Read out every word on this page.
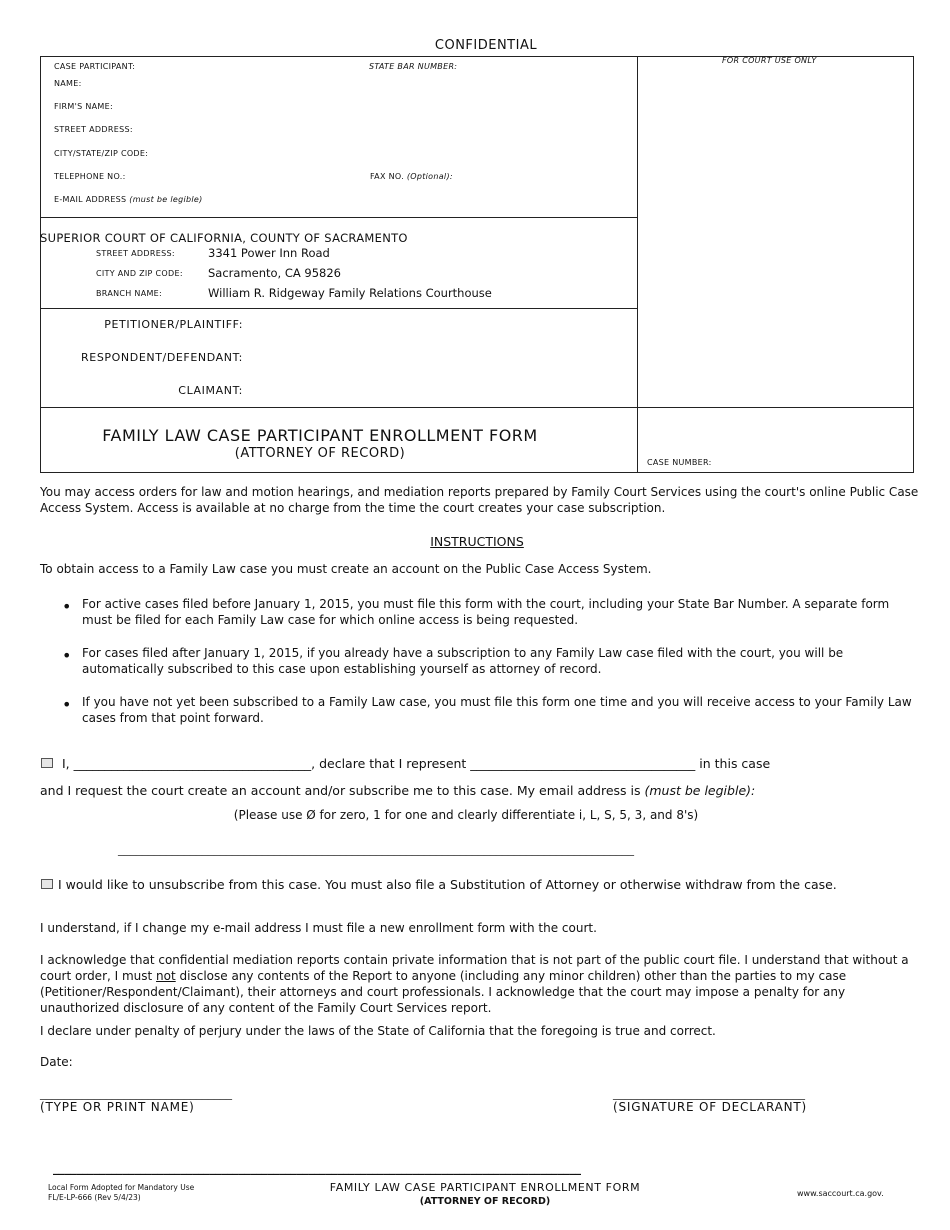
CONFIDENTIAL
FOR COURT USE ONLY
CASE PARTICIPANT:	STATE BAR NUMBER:
NAME:
FIRM'S NAME:
STREET ADDRESS:
CITY/STATE/ZIP CODE:
TELEPHONE NO.:	FAX NO. (Optional):
E-MAIL ADDRESS (must be legible)
SUPERIOR COURT OF CALIFORNIA, COUNTY OF SACRAMENTO
STREET ADDRESS:	3341 Power Inn Road
CITY AND ZIP CODE: Sacramento, CA 95826
BRANCH NAME:	William R. Ridgeway Family Relations Courthouse
PETITIONER/PLAINTIFF:
RESPONDENT/DEFENDANT:
CLAIMANT:
FAMILY LAW CASE PARTICIPANT ENROLLMENT FORM
(ATTORNEY OF RECORD)
CASE NUMBER:
You may access orders for law and motion hearings, and mediation reports prepared by Family Court Services using the court's online Public Case Access System. Access is available at no charge from the time the court creates your case subscription.
INSTRUCTIONS
To obtain access to a Family Law case you must create an account on the Public Case Access System.
• For active cases filed before January 1, 2015, you must file this form with the court, including your State Bar Number. A separate form must be filed for each Family Law case for which online access is being requested.
• For cases filed after January 1, 2015, if you already have a subscription to any Family Law case filed with the court, you will be automatically subscribed to this case upon establishing yourself as attorney of record.
• If you have not yet been subscribed to a Family Law case, you must file this form one time and you will receive access to your Family Law cases from that point forward.
I, ______________________________________, declare that I represent ____________________________________ in this case
and I request the court create an account and/or subscribe me to this case. My email address is (must be legible):
(Please use Ø for zero, 1 for one and clearly differentiate i, L, S, 5, 3, and 8's)
______________________________________________________________________________________
I would like to unsubscribe from this case. You must also file a Substitution of Attorney or otherwise withdraw from the case.
I understand, if I change my e-mail address I must file a new enrollment form with the court.
I acknowledge that confidential mediation reports contain private information that is not part of the public court file. I understand that without a court order, I must not disclose any contents of the Report to anyone (including any minor children) other than the parties to my case (Petitioner/Respondent/Claimant), their attorneys and court professionals. I acknowledge that the court may impose a penalty for any unauthorized disclosure of any content of the Family Court Services report.
I declare under penalty of perjury under the laws of the State of California that the foregoing is true and correct.
Date:
________________________________
(TYPE OR PRINT NAME)
________________________________
(SIGNATURE OF DECLARANT)
___________________________________________________________________________________________
Local Form Adopted for Mandatory Use
FL/E-LP-666 (Rev 5/4/23)
FAMILY LAW CASE PARTICIPANT ENROLLMENT FORM
(ATTORNEY OF RECORD)
www.saccourt.ca.gov.
